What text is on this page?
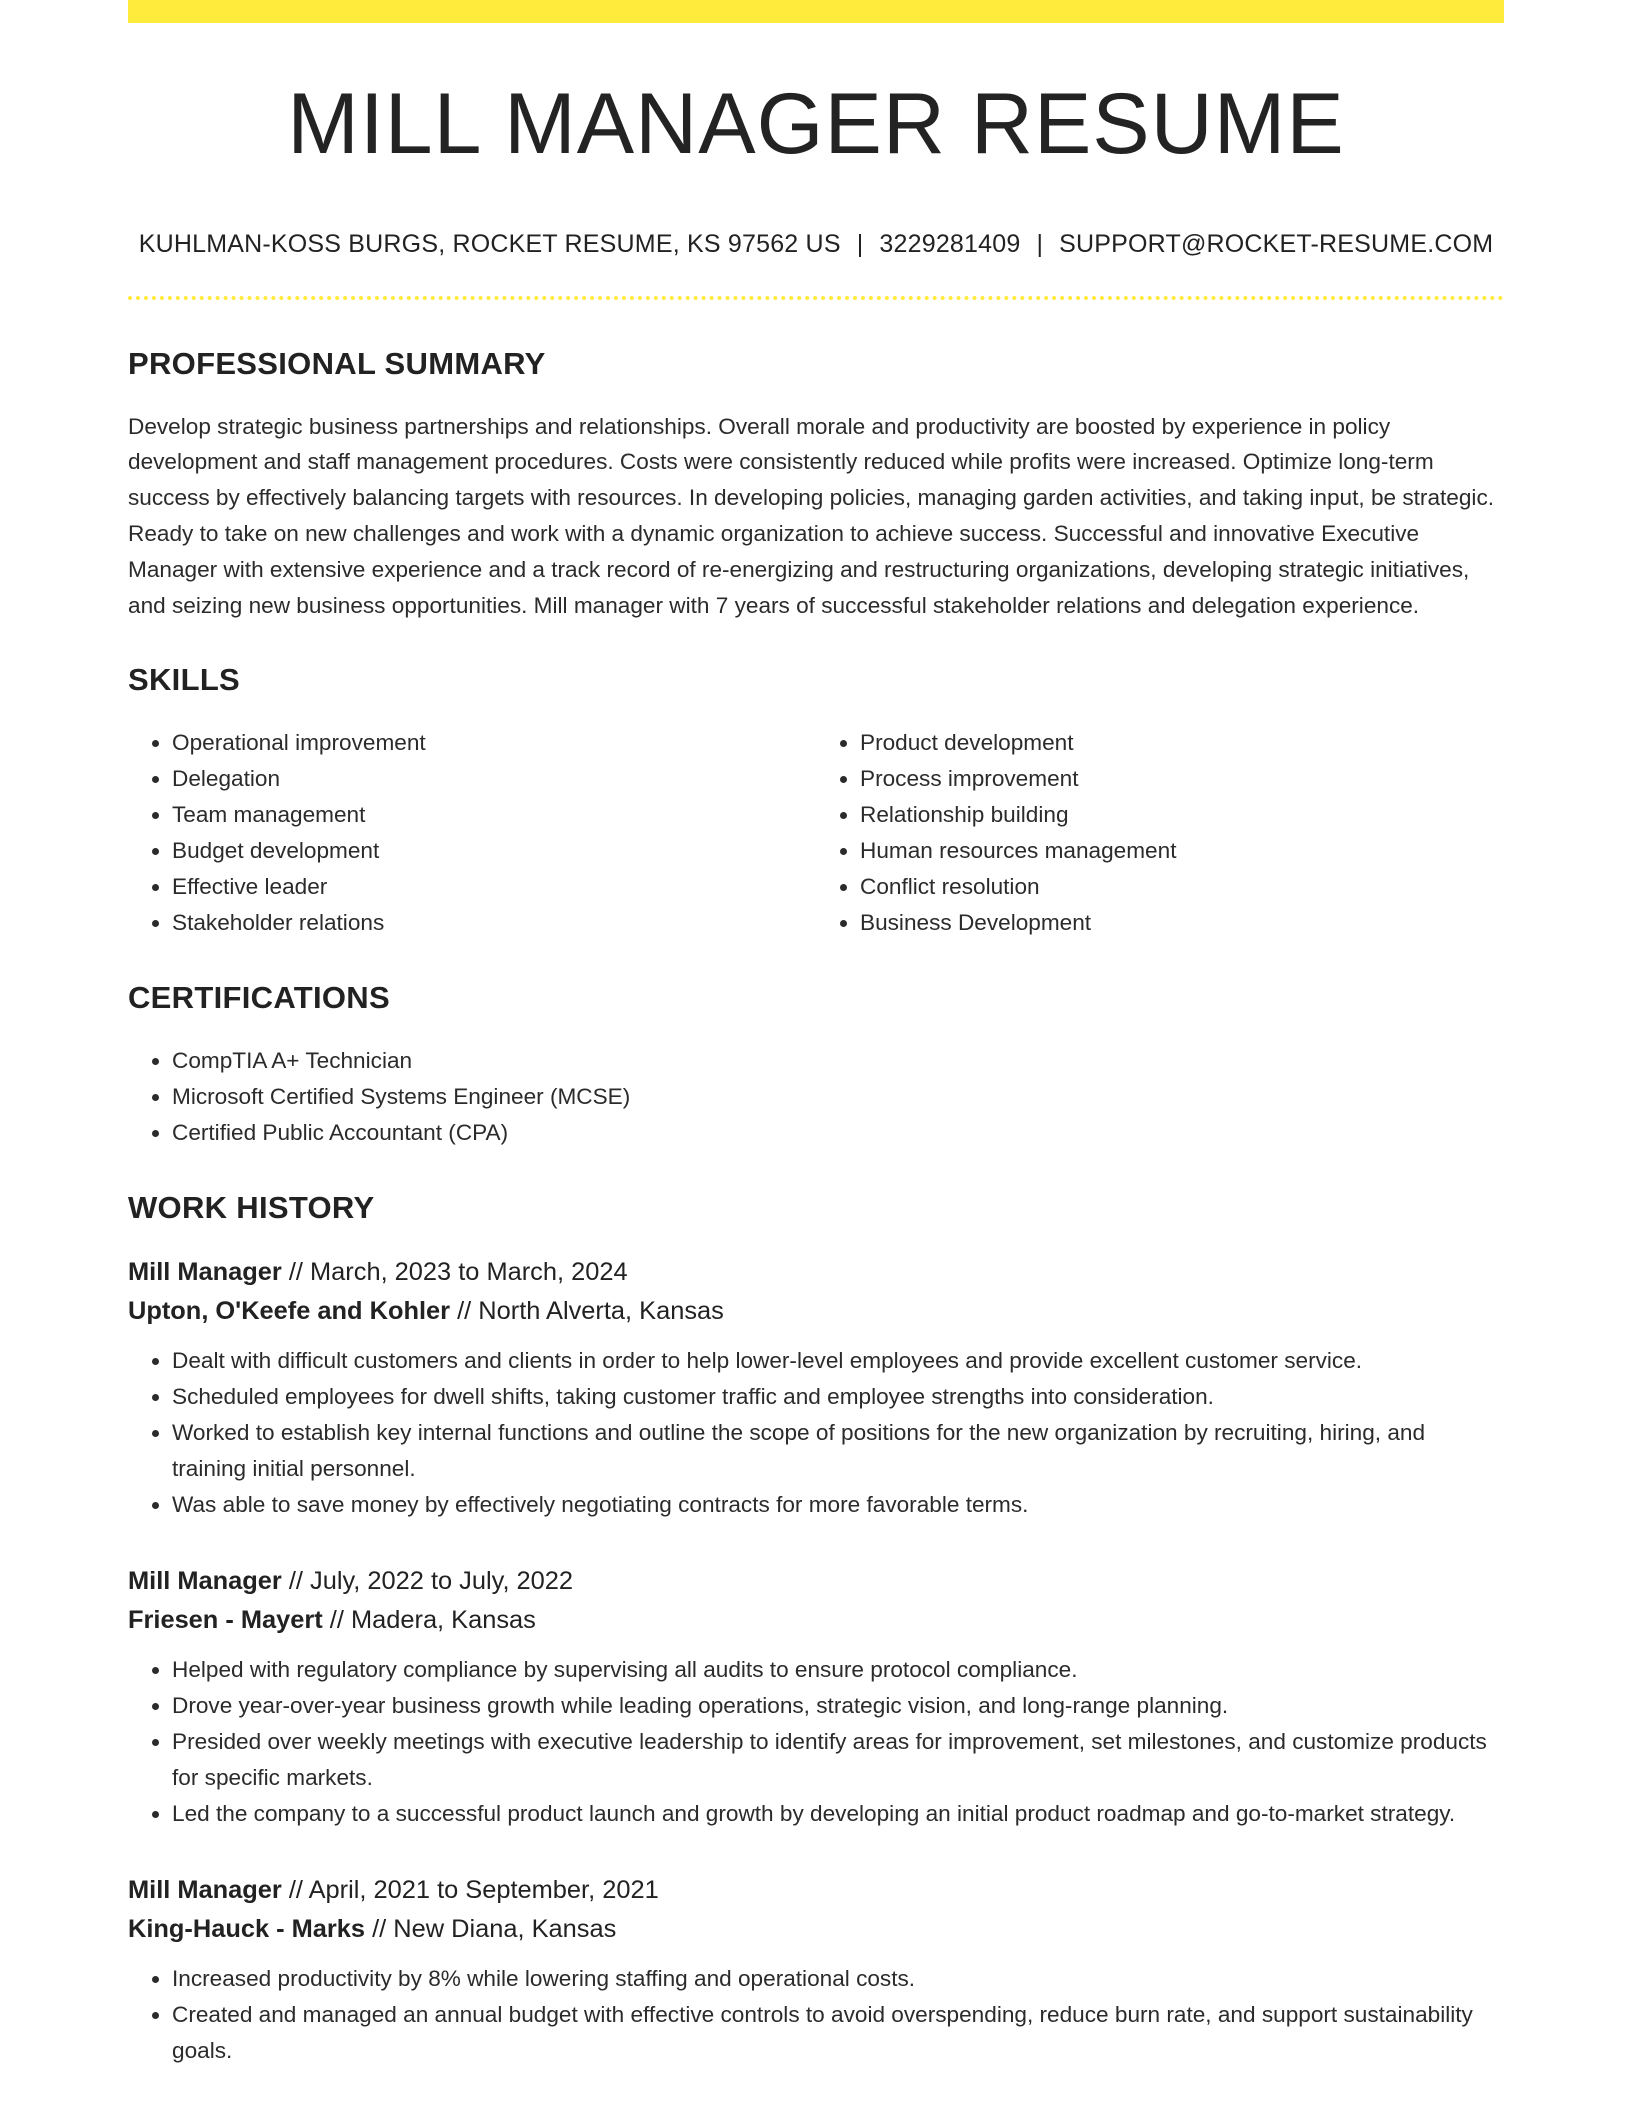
MILL MANAGER RESUME
KUHLMAN-KOSS BURGS, ROCKET RESUME, KS 97562 US | 3229281409 | SUPPORT@ROCKET-RESUME.COM
PROFESSIONAL SUMMARY

Develop strategic business partnerships and relationships. Overall morale and productivity are boosted by experience in policy development and staff management procedures. Costs were consistently reduced while profits were increased. Optimize long-term success by effectively balancing targets with resources. In developing policies, managing garden activities, and taking input, be strategic. Ready to take on new challenges and work with a dynamic organization to achieve success. Successful and innovative Executive Manager with extensive experience and a track record of re-energizing and restructuring organizations, developing strategic initiatives, and seizing new business opportunities. Mill manager with 7 years of successful stakeholder relations and delegation experience.

SKILLS
• Operational improvement
• Delegation
• Team management
• Budget development
• Effective leader
• Stakeholder relations
• Product development
• Process improvement
• Relationship building
• Human resources management
• Conflict resolution
• Business Development
CERTIFICATIONS
• CompTIA A+ Technician
• Microsoft Certified Systems Engineer (MCSE)
• Certified Public Accountant (CPA)
WORK HISTORY
Mill Manager // March, 2023 to March, 2024
Upton, O'Keefe and Kohler // North Alverta, Kansas
• Dealt with difficult customers and clients in order to help lower-level employees and provide excellent customer service.
• Scheduled employees for dwell shifts, taking customer traffic and employee strengths into consideration.
• Worked to establish key internal functions and outline the scope of positions for the new organization by recruiting, hiring, and training initial personnel.
• Was able to save money by effectively negotiating contracts for more favorable terms.
Mill Manager // July, 2022 to July, 2022
Friesen - Mayert // Madera, Kansas
• Helped with regulatory compliance by supervising all audits to ensure protocol compliance.
• Drove year-over-year business growth while leading operations, strategic vision, and long-range planning.
• Presided over weekly meetings with executive leadership to identify areas for improvement, set milestones, and customize products for specific markets.
• Led the company to a successful product launch and growth by developing an initial product roadmap and go-to-market strategy.
Mill Manager // April, 2021 to September, 2021
King-Hauck - Marks // New Diana, Kansas
• Increased productivity by 8% while lowering staffing and operational costs.
• Created and managed an annual budget with effective controls to avoid overspending, reduce burn rate, and support sustainability goals.
